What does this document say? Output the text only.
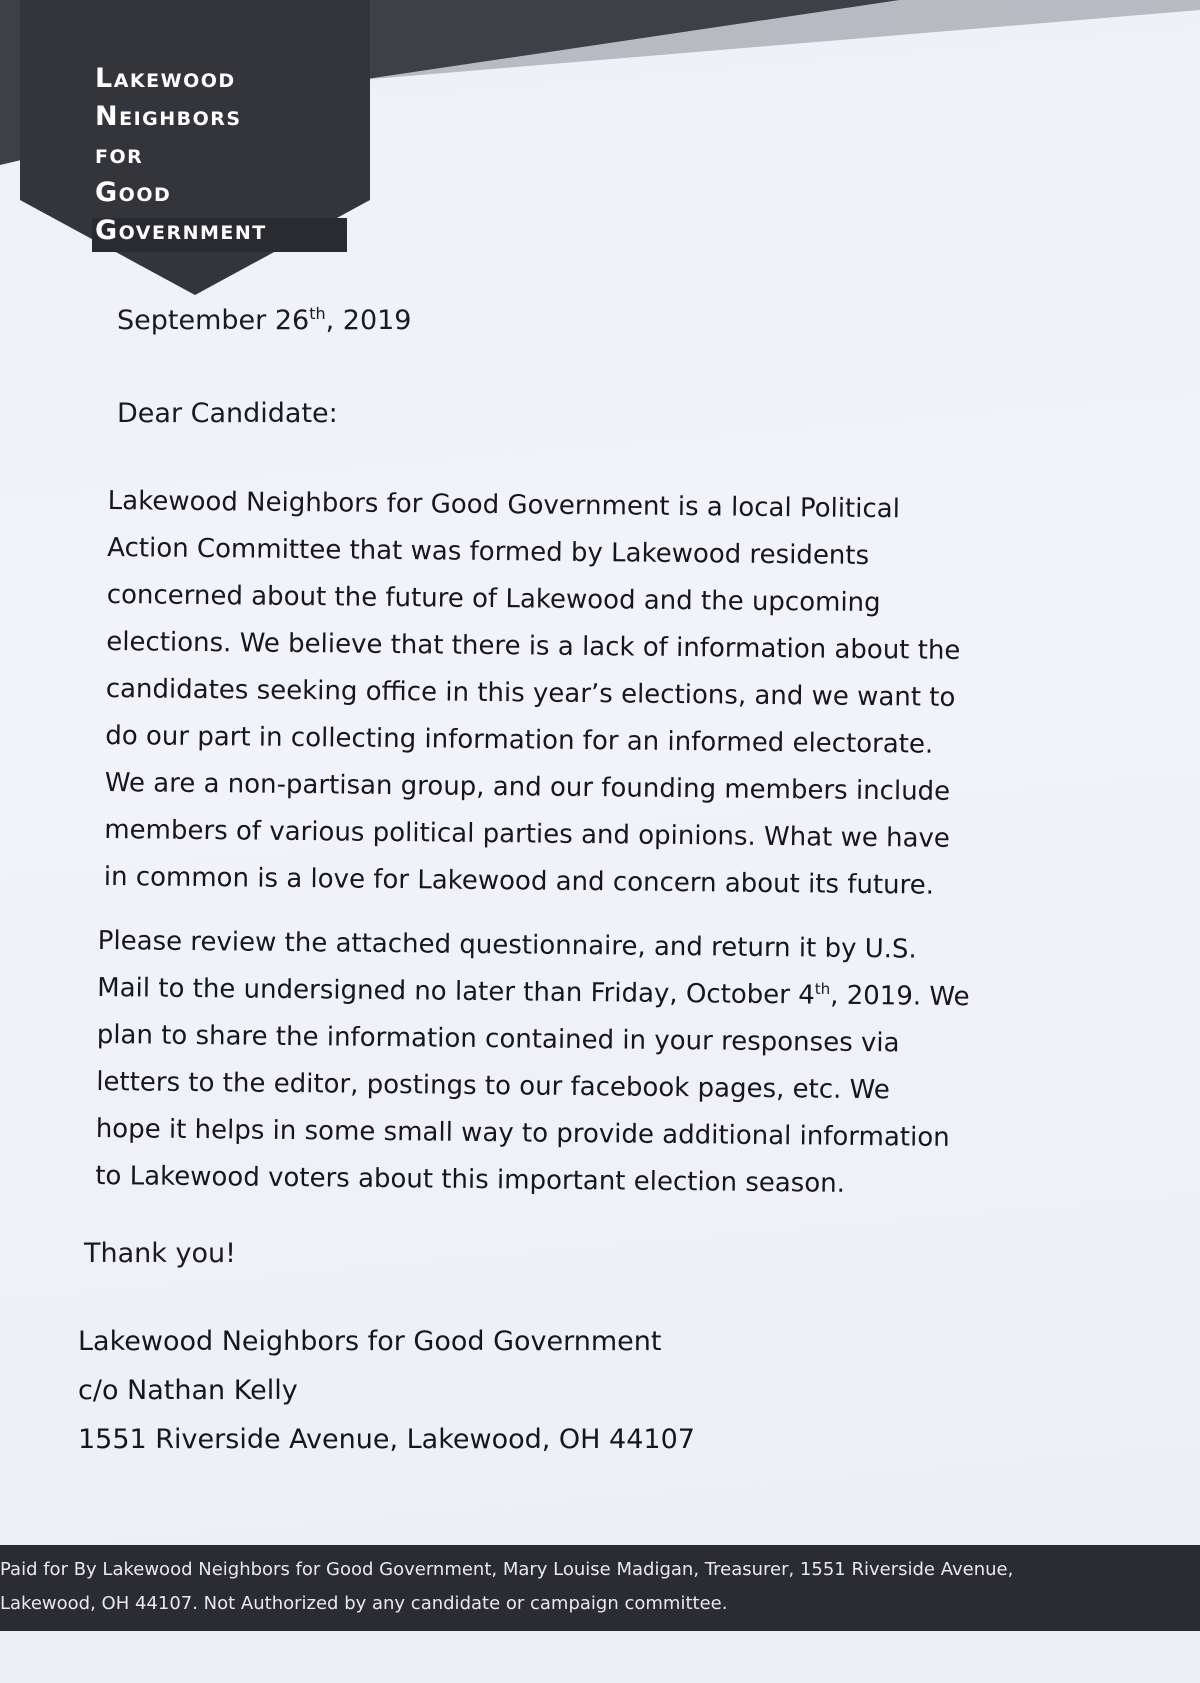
Lakewood
Neighbors
for
Good
Government
September 26th, 2019
Dear Candidate:
Lakewood Neighbors for Good Government is a local Political
Action Committee that was formed by Lakewood residents
concerned about the future of Lakewood and the upcoming
elections. We believe that there is a lack of information about the
candidates seeking office in this year’s elections, and we want to
do our part in collecting information for an informed electorate.
We are a non-partisan group, and our founding members include
members of various political parties and opinions. What we have
in common is a love for Lakewood and concern about its future.
Please review the attached questionnaire, and return it by U.S.
Mail to the undersigned no later than Friday, October 4th, 2019. We
plan to share the information contained in your responses via
letters to the editor, postings to our facebook pages, etc. We
hope it helps in some small way to provide additional information
to Lakewood voters about this important election season.
Thank you!
Lakewood Neighbors for Good Government
c/o Nathan Kelly
1551 Riverside Avenue, Lakewood, OH 44107
Paid for By Lakewood Neighbors for Good Government, Mary Louise Madigan, Treasurer, 1551 Riverside Avenue,
Lakewood, OH 44107. Not Authorized by any candidate or campaign committee.
